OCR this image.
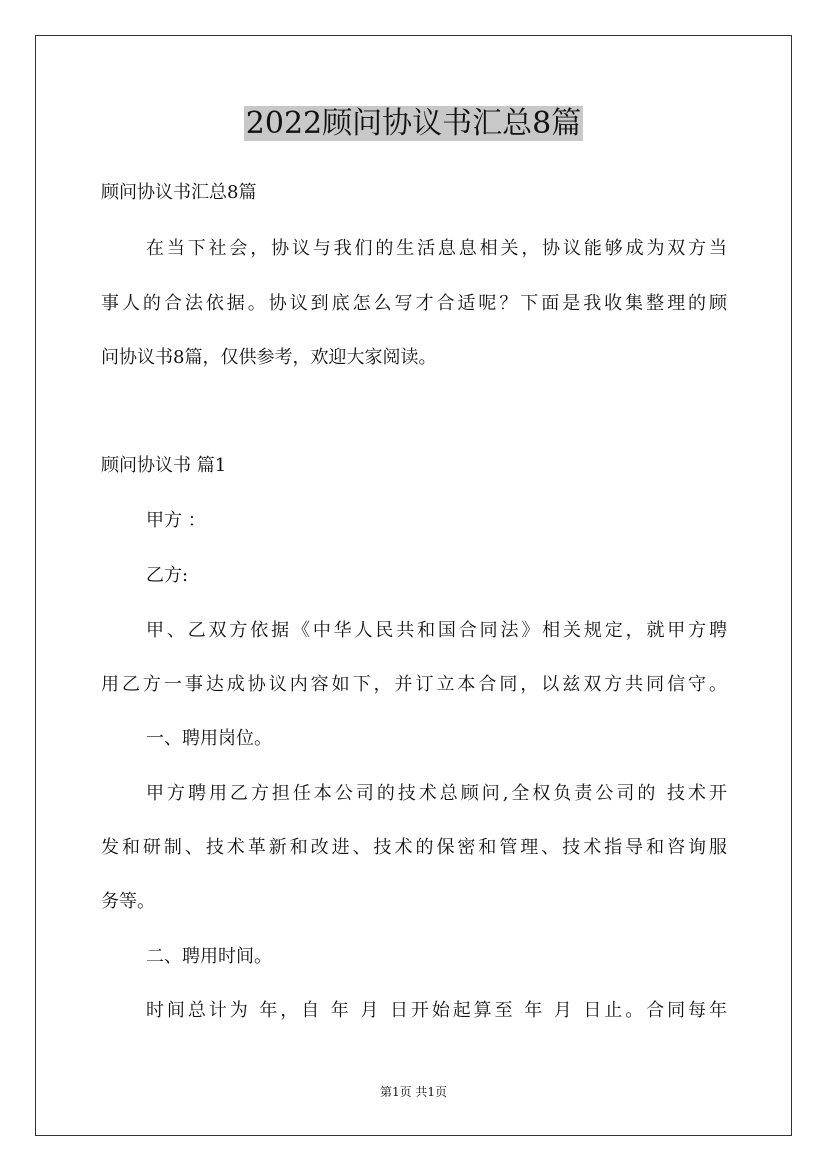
2022顾问协议书汇总8篇

顾问协议书汇总8篇

在当下社会，协议与我们的生活息息相关，协议能够成为双方当

事人的合法依据。协议到底怎么写才合适呢？下面是我收集整理的顾

问协议书8篇，仅供参考，欢迎大家阅读。

顾问协议书 篇1

甲方 ：

乙方:

甲、乙双方依据《中华人民共和国合同法》相关规定，就甲方聘

用乙方一事达成协议内容如下，并订立本合同，以兹双方共同信守。

一、聘用岗位。

甲方聘用乙方担任本公司的技术总顾问,全权负责公司的 技术开

发和研制、技术革新和改进、技术的保密和管理、技术指导和咨询服

务等。

二、聘用时间。

时间总计为 年，自 年 月 日开始起算至 年 月 日止。合同每年

第1页 共1页
